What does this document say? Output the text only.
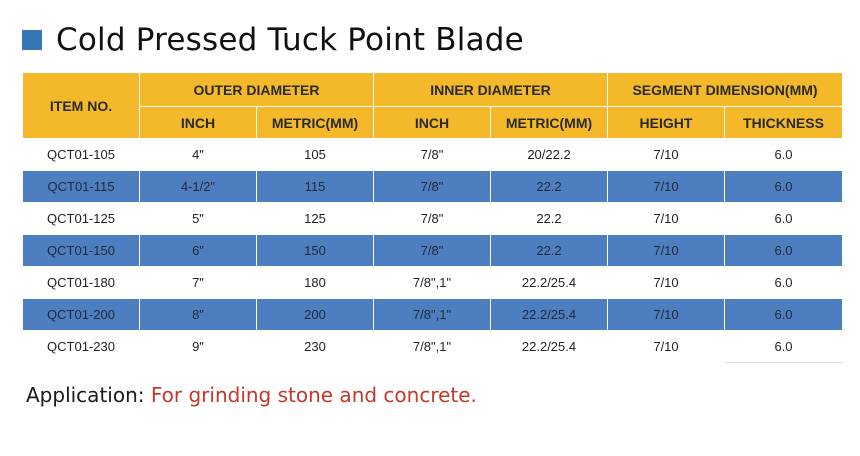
Cold Pressed Tuck Point Blade
ITEM NO.	OUTER DIAMETER		INNER DIAMETER		SEGMENT DIMENSION(MM)	
	INCH	METRIC(MM)	INCH	METRIC(MM)	HEIGHT	THICKNESS
QCT01-105	4"	105	7/8"	20/22.2	7/10	6.0
QCT01-115	4-1/2"	115	7/8"	22.2	7/10	6.0
QCT01-125	5"	125	7/8"	22.2	7/10	6.0
QCT01-150	6"	150	7/8"	22.2	7/10	6.0
QCT01-180	7"	180	7/8",1"	22.2/25.4	7/10	6.0
QCT01-200	8"	200	7/8",1"	22.2/25.4	7/10	6.0
QCT01-230	9"	230	7/8",1"	22.2/25.4	7/10	6.0
Application: For grinding stone and concrete.
